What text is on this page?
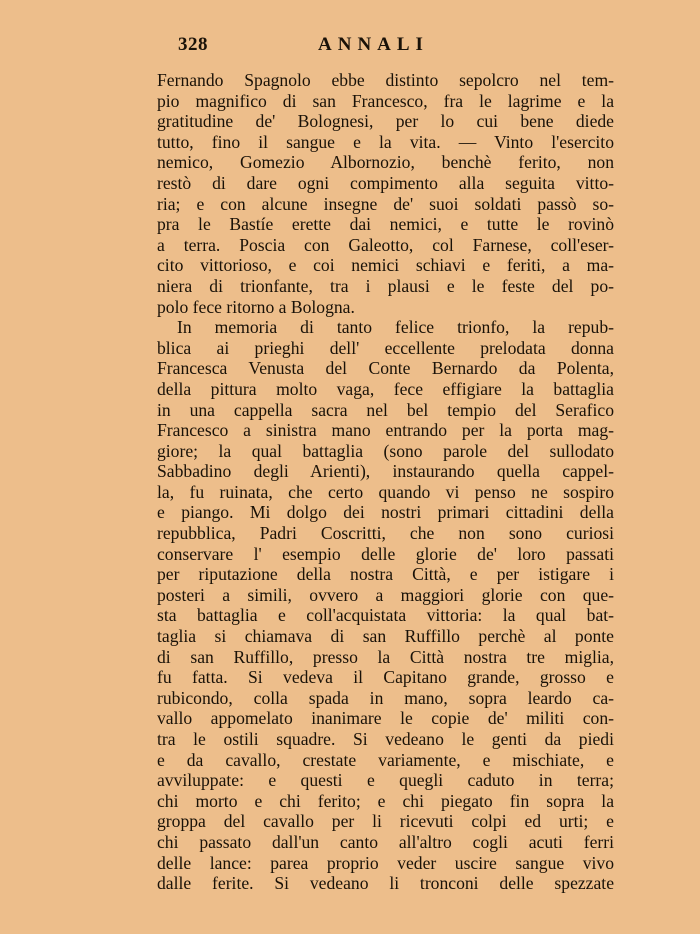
328	ANNALI
Fernando Spagnolo ebbe distinto sepolcro nel tem-
pio magnifico di san Francesco, fra le lagrime e la
gratitudine de' Bolognesi, per lo cui bene diede
tutto, fino il sangue e la vita. — Vinto l'esercito
nemico, Gomezio Albornozio, benchè ferito, non
restò di dare ogni compimento alla seguita vitto-
ria; e con alcune insegne de' suoi soldati passò so-
pra le Bastíe erette dai nemici, e tutte le rovinò
a terra. Poscia con Galeotto, col Farnese, coll'eser-
cito vittorioso, e coi nemici schiavi e feriti, a ma-
niera di trionfante, tra i plausi e le feste del po-
polo fece ritorno a Bologna.
In memoria di tanto felice trionfo, la repub-
blica ai prieghi dell' eccellente prelodata donna
Francesca Venusta del Conte Bernardo da Polenta,
della pittura molto vaga, fece effigiare la battaglia
in una cappella sacra nel bel tempio del Serafico
Francesco a sinistra mano entrando per la porta mag-
giore; la qual battaglia (sono parole del sullodato
Sabbadino degli Arienti), instaurando quella cappel-
la, fu ruinata, che certo quando vi penso ne sospiro
e piango. Mi dolgo dei nostri primari cittadini della
repubblica, Padri Coscritti, che non sono curiosi
conservare l' esempio delle glorie de' loro passati
per riputazione della nostra Città, e per istigare i
posteri a simili, ovvero a maggiori glorie con que-
sta battaglia e coll'acquistata vittoria: la qual bat-
taglia si chiamava di san Ruffillo perchè al ponte
di san Ruffillo, presso la Città nostra tre miglia,
fu fatta. Si vedeva il Capitano grande, grosso e
rubicondo, colla spada in mano, sopra leardo ca-
vallo appomelato inanimare le copie de' militi con-
tra le ostili squadre. Si vedeano le genti da piedi
e da cavallo, crestate variamente, e mischiate, e
avviluppate: e questi e quegli caduto in terra;
chi morto e chi ferito; e chi piegato fin sopra la
groppa del cavallo per li ricevuti colpi ed urti; e
chi passato dall'un canto all'altro cogli acuti ferri
delle lance: parea proprio veder uscire sangue vivo
dalle ferite. Si vedeano li tronconi delle spezzate
